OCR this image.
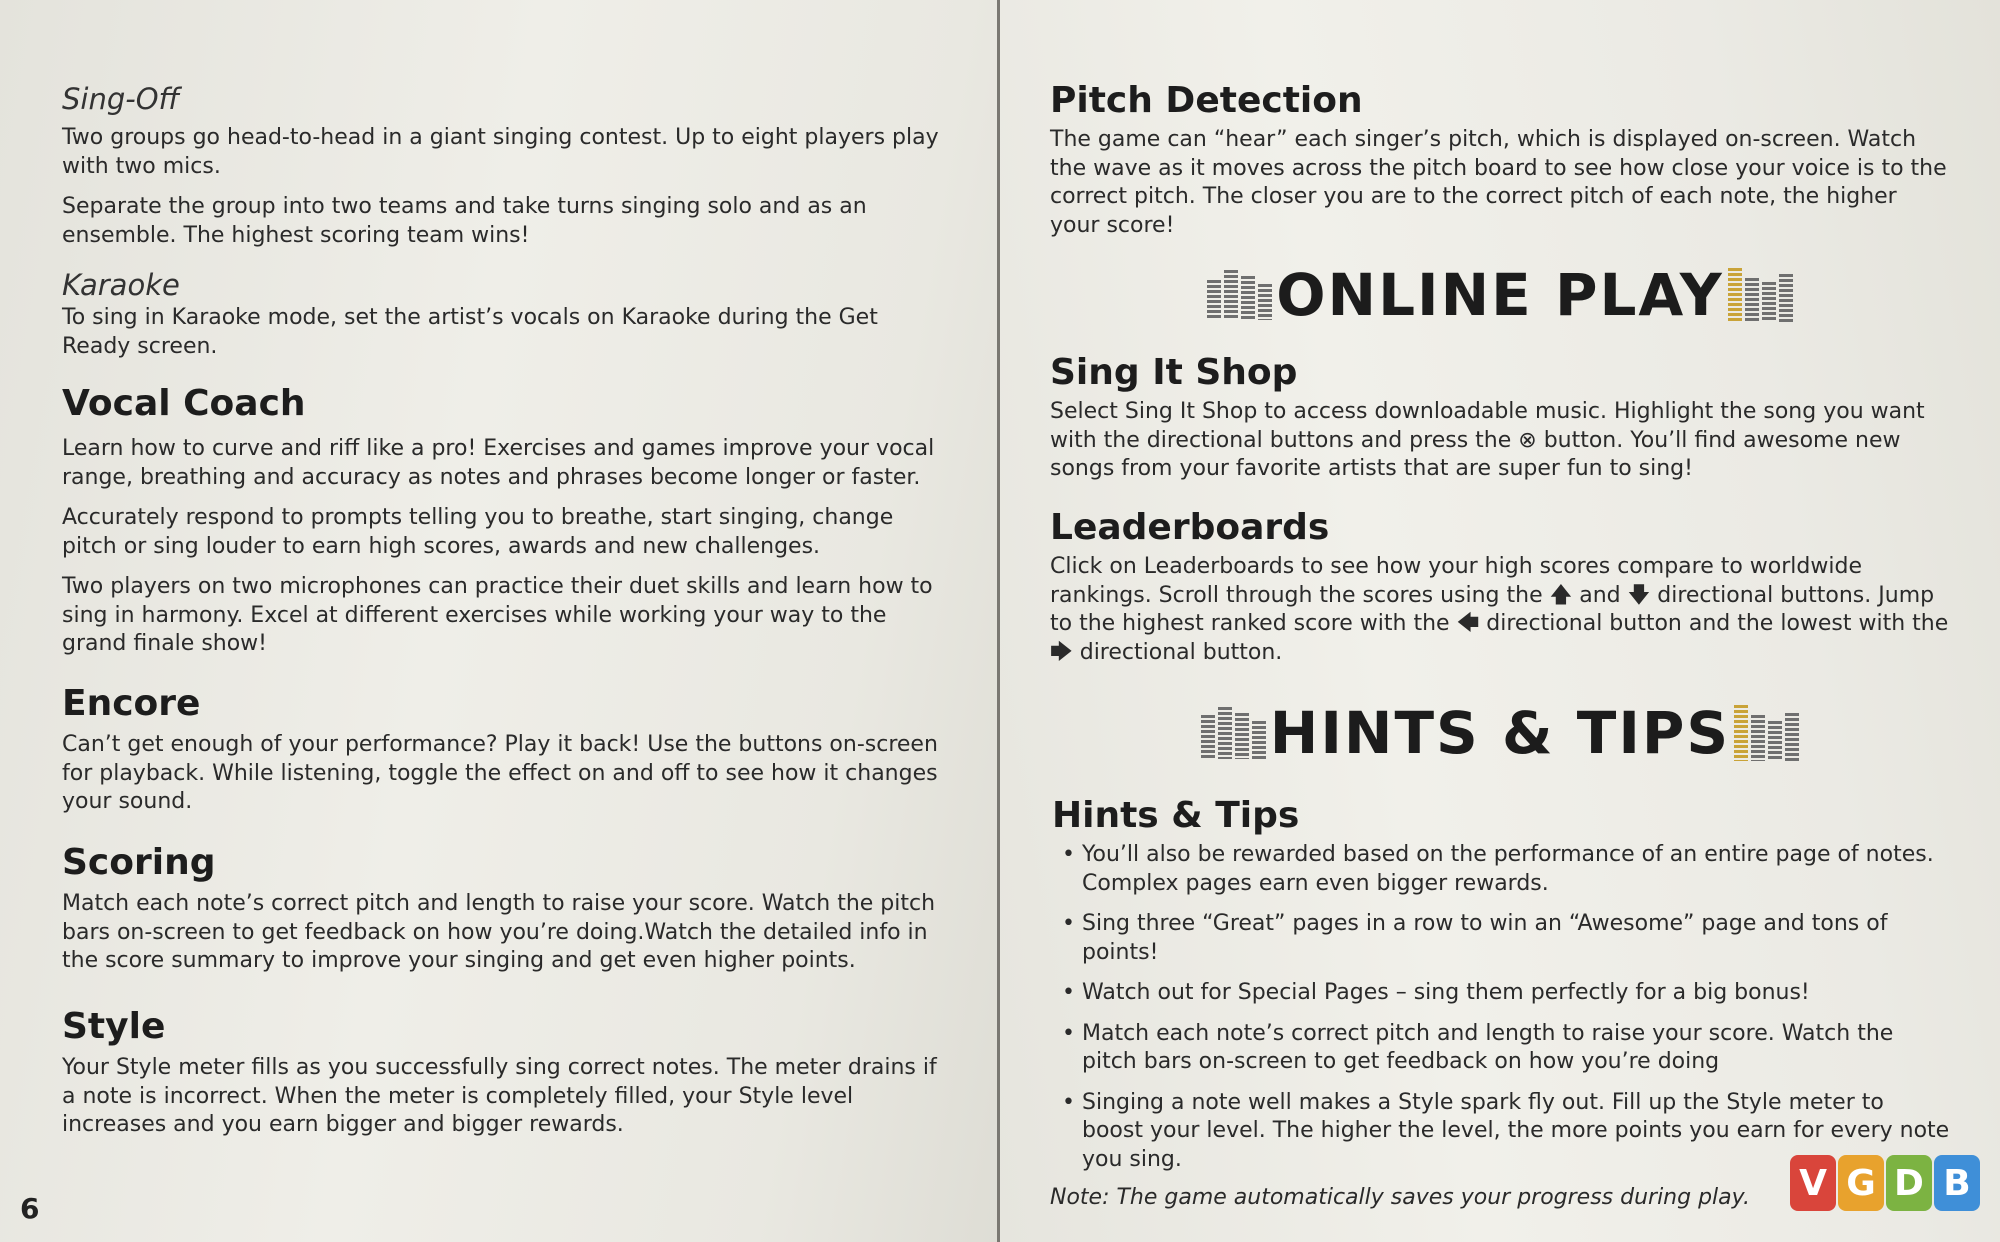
Sing-Off

Two groups go head-to-head in a giant singing contest. Up to eight players play with two mics.

Separate the group into two teams and take turns singing solo and as an ensemble. The highest scoring team wins!

Karaoke

To sing in Karaoke mode, set the artist’s vocals on Karaoke during the Get Ready screen.

Vocal Coach

Learn how to curve and riff like a pro! Exercises and games improve your vocal range, breathing and accuracy as notes and phrases become longer or faster.

Accurately respond to prompts telling you to breathe, start singing, change pitch or sing louder to earn high scores, awards and new challenges.

Two players on two microphones can practice their duet skills and learn how to sing in harmony. Excel at different exercises while working your way to the grand finale show!

Encore

Can’t get enough of your performance? Play it back! Use the buttons on-screen for playback. While listening, toggle the effect on and off to see how it changes your sound.

Scoring

Match each note’s correct pitch and length to raise your score. Watch the pitch bars on-screen to get feedback on how you’re doing.Watch the detailed info in the score summary to improve your singing and get even higher points.

Style

Your Style meter fills as you successfully sing correct notes. The meter drains if a note is incorrect. When the meter is completely filled, your Style level increases and you earn bigger and bigger rewards.

6
Pitch Detection

The game can “hear” each singer’s pitch, which is displayed on-screen. Watch the wave as it moves across the pitch board to see how close your voice is to the correct pitch. The closer you are to the correct pitch of each note, the higher your score!

ONLINE PLAY
Sing It Shop

Select Sing It Shop to access downloadable music. Highlight the song you want with the directional buttons and press the ⊗ button. You’ll find awesome new songs from your favorite artists that are super fun to sing!

Leaderboards

Click on Leaderboards to see how your high scores compare to worldwide rankings. Scroll through the scores using the 🡅 and 🡇 directional buttons. Jump to the highest ranked score with the 🡄 directional button and the lowest with the 🡆 directional button.

HINTS & TIPS
Hints & Tips
• You’ll also be rewarded based on the performance of an entire page of notes. Complex pages earn even bigger rewards.
• Sing three “Great” pages in a row to win an “Awesome” page and tons of points!
• Watch out for Special Pages – sing them perfectly for a big bonus!
• Match each note’s correct pitch and length to raise your score. Watch the pitch bars on-screen to get feedback on how you’re doing
• Singing a note well makes a Style spark fly out. Fill up the Style meter to boost your level. The higher the level, the more points you earn for every note you sing.
Note: The game automatically saves your progress during play.	V G D B
